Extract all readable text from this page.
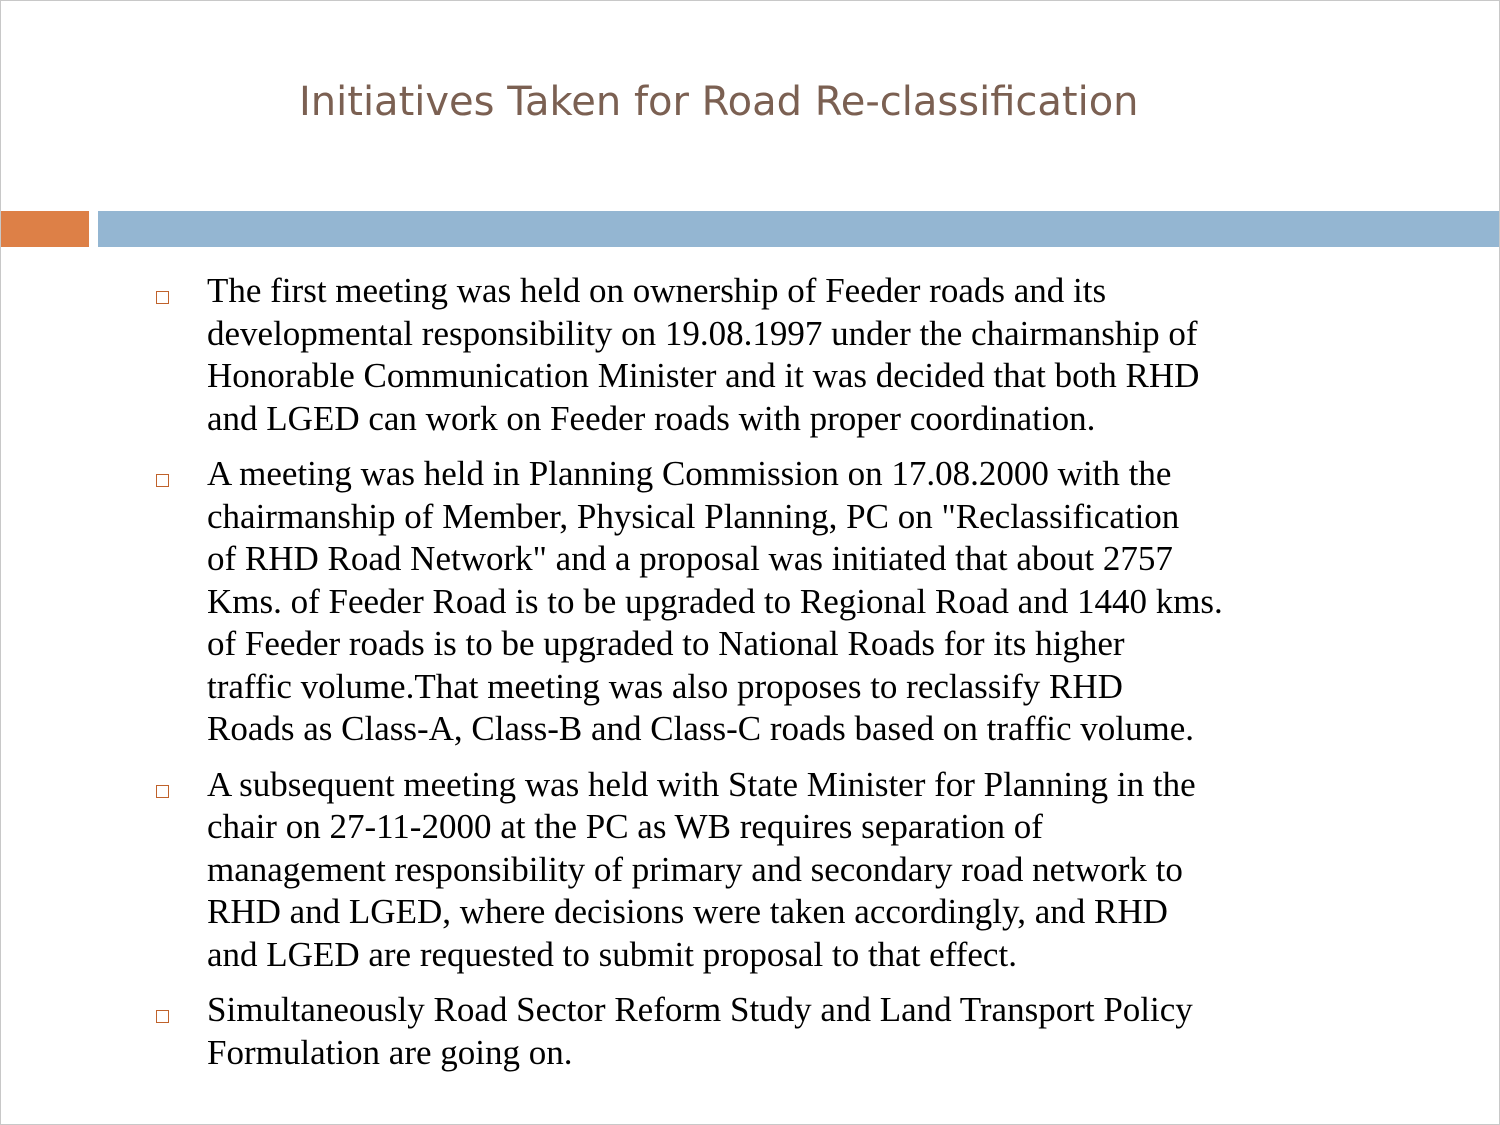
Initiatives Taken for Road Re-classification
The first meeting was held on ownership of Feeder roads and its
developmental responsibility on 19.08.1997 under the chairmanship of
Honorable Communication Minister and it was decided that both RHD
and LGED can work on Feeder roads with proper coordination.
A meeting was held in Planning Commission on 17.08.2000 with the
chairmanship of Member, Physical Planning, PC on "Reclassification
of RHD Road Network" and a proposal was initiated that about 2757
Kms. of Feeder Road is to be upgraded to Regional Road and 1440 kms.
of Feeder roads is to be upgraded to National Roads for its higher
traffic volume.That meeting was also proposes to reclassify RHD
Roads as Class-A, Class-B and Class-C roads based on traffic volume.
A subsequent meeting was held with State Minister for Planning in the
chair on 27-11-2000 at the PC as WB requires separation of
management responsibility of primary and secondary road network to
RHD and LGED, where decisions were taken accordingly, and RHD
and LGED are requested to submit proposal to that effect.
Simultaneously Road Sector Reform Study and Land Transport Policy
Formulation are going on.
